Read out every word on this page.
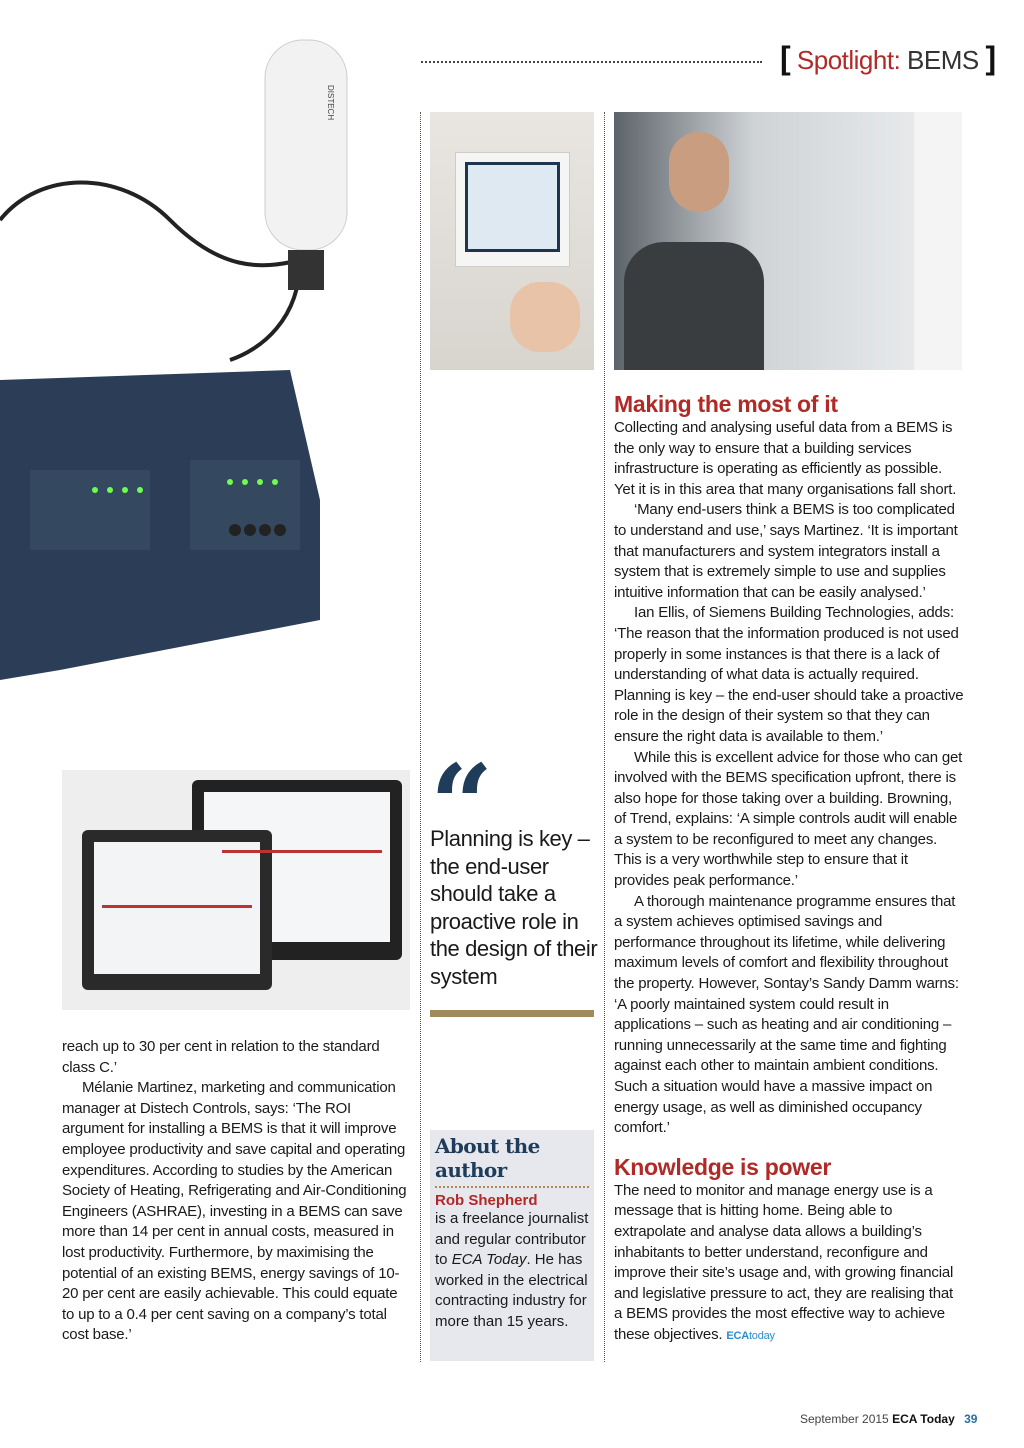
[ Spotlight: BEMS ]
DISTECH

reach up to 30 per cent in relation to the standard class C.’

Mélanie Martinez, marketing and communication manager at Distech Controls, says: ‘The ROI argument for installing a BEMS is that it will improve employee productivity and save capital and operating expenditures. According to studies by the American Society of Heating, Refrigerating and Air-Conditioning Engineers (ASHRAE), investing in a BEMS can save more than 14 per cent in annual costs, measured in lost productivity. Furthermore, by maximising the potential of an existing BEMS, energy savings of 10-20 per cent are easily achievable. This could equate to up to a 0.4 per cent saving on a company’s total cost base.’

Planning is key – the end-user should take a proactive role in the design of their system
About the author
Rob Shepherd
is a freelance journalist and regular contributor to ECA Today. He has worked in the electrical contracting industry for more than 15 years.
Making the most of it

Collecting and analysing useful data from a BEMS is the only way to ensure that a building services infrastructure is operating as efficiently as possible. Yet it is in this area that many organisations fall short.

‘Many end-users think a BEMS is too complicated to understand and use,’ says Martinez. ‘It is important that manufacturers and system integrators install a system that is extremely simple to use and supplies intuitive information that can be easily analysed.’

Ian Ellis, of Siemens Building Technologies, adds: ‘The reason that the information produced is not used properly in some instances is that there is a lack of understanding of what data is actually required. Planning is key – the end-user should take a proactive role in the design of their system so that they can ensure the right data is available to them.’

While this is excellent advice for those who can get involved with the BEMS specification upfront, there is also hope for those taking over a building. Browning, of Trend, explains: ‘A simple controls audit will enable a system to be reconfigured to meet any changes. This is a very worthwhile step to ensure that it provides peak performance.’

A thorough maintenance programme ensures that a system achieves optimised savings and performance throughout its lifetime, while delivering maximum levels of comfort and flexibility throughout the property. However, Sontay’s Sandy Damm warns: ‘A poorly maintained system could result in applications – such as heating and air conditioning – running unnecessarily at the same time and fighting against each other to maintain ambient conditions. Such a situation would have a massive impact on energy usage, as well as diminished occupancy comfort.’

Knowledge is power

The need to monitor and manage energy use is a message that is hitting home. Being able to extrapolate and analyse data allows a building’s inhabitants to better understand, reconfigure and improve their site’s usage and, with growing financial and legislative pressure to act, they are realising that a BEMS provides the most effective way to achieve these objectives. ECAtoday

September 2015 ECA Today 39
